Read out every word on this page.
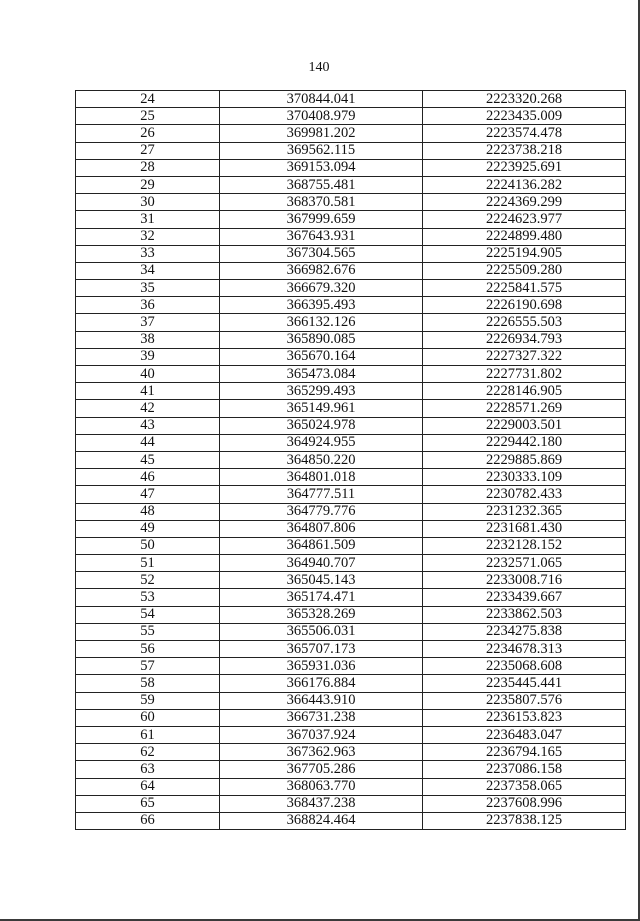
140
24	370844.041	2223320.268
25	370408.979	2223435.009
26	369981.202	2223574.478
27	369562.115	2223738.218
28	369153.094	2223925.691
29	368755.481	2224136.282
30	368370.581	2224369.299
31	367999.659	2224623.977
32	367643.931	2224899.480
33	367304.565	2225194.905
34	366982.676	2225509.280
35	366679.320	2225841.575
36	366395.493	2226190.698
37	366132.126	2226555.503
38	365890.085	2226934.793
39	365670.164	2227327.322
40	365473.084	2227731.802
41	365299.493	2228146.905
42	365149.961	2228571.269
43	365024.978	2229003.501
44	364924.955	2229442.180
45	364850.220	2229885.869
46	364801.018	2230333.109
47	364777.511	2230782.433
48	364779.776	2231232.365
49	364807.806	2231681.430
50	364861.509	2232128.152
51	364940.707	2232571.065
52	365045.143	2233008.716
53	365174.471	2233439.667
54	365328.269	2233862.503
55	365506.031	2234275.838
56	365707.173	2234678.313
57	365931.036	2235068.608
58	366176.884	2235445.441
59	366443.910	2235807.576
60	366731.238	2236153.823
61	367037.924	2236483.047
62	367362.963	2236794.165
63	367705.286	2237086.158
64	368063.770	2237358.065
65	368437.238	2237608.996
66	368824.464	2237838.125
